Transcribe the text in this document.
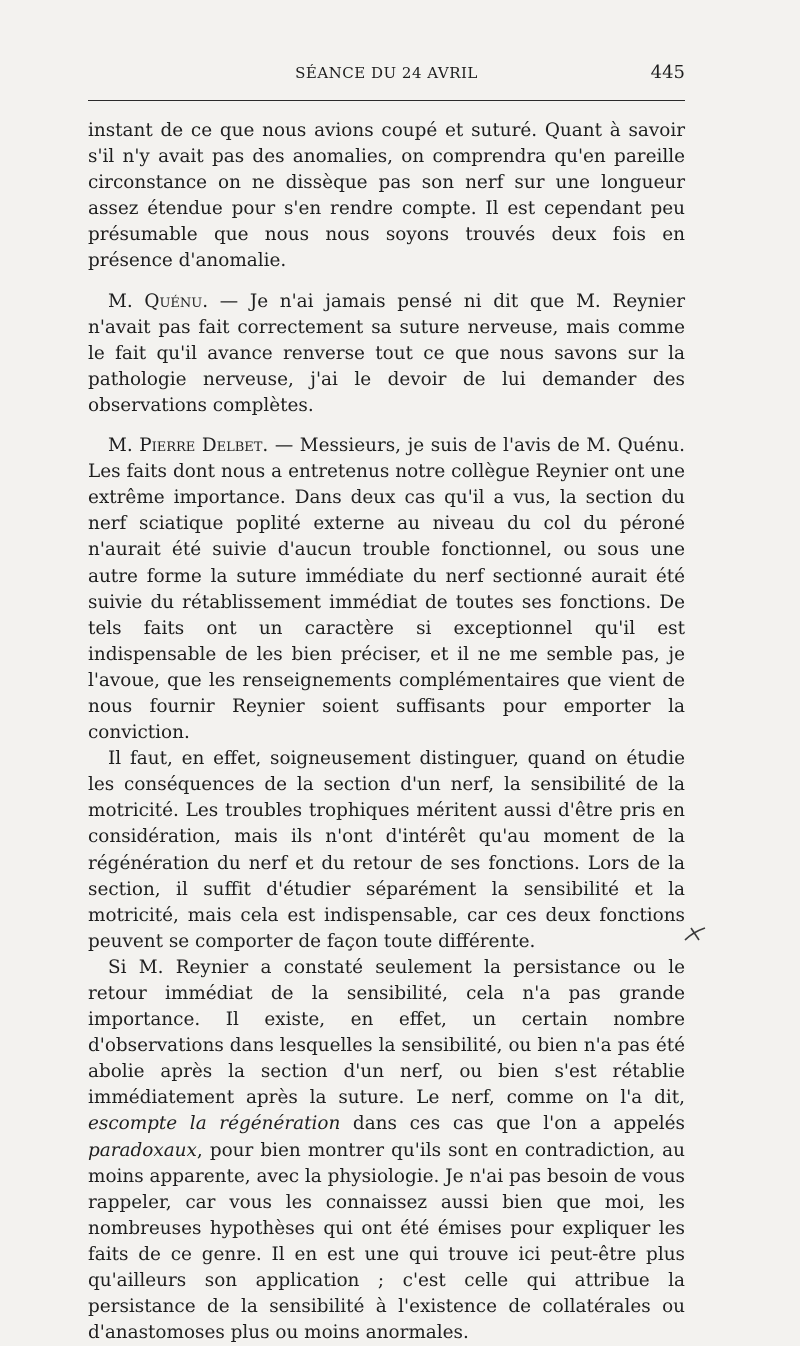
SÉANCE DU 24 AVRIL	445

instant de ce que nous avions coupé et suturé. Quant à savoir s'il n'y avait pas des anomalies, on comprendra qu'en pareille circonstance on ne dissèque pas son nerf sur une longueur assez étendue pour s'en rendre compte. Il est cependant peu présumable que nous nous soyons trouvés deux fois en présence d'anomalie.

M. Quénu. — Je n'ai jamais pensé ni dit que M. Reynier n'avait pas fait correctement sa suture nerveuse, mais comme le fait qu'il avance renverse tout ce que nous savons sur la pathologie nerveuse, j'ai le devoir de lui demander des observations complètes.

M. Pierre Delbet. — Messieurs, je suis de l'avis de M. Quénu. Les faits dont nous a entretenus notre collègue Reynier ont une extrême importance. Dans deux cas qu'il a vus, la section du nerf sciatique poplité externe au niveau du col du péroné n'aurait été suivie d'aucun trouble fonctionnel, ou sous une autre forme la suture immédiate du nerf sectionné aurait été suivie du rétablissement immédiat de toutes ses fonctions. De tels faits ont un caractère si exceptionnel qu'il est indispensable de les bien préciser, et il ne me semble pas, je l'avoue, que les renseignements complémentaires que vient de nous fournir Reynier soient suffisants pour emporter la conviction.

Il faut, en effet, soigneusement distinguer, quand on étudie les conséquences de la section d'un nerf, la sensibilité de la motricité. Les troubles trophiques méritent aussi d'être pris en considération, mais ils n'ont d'intérêt qu'au moment de la régénération du nerf et du retour de ses fonctions. Lors de la section, il suffit d'étudier séparément la sensibilité et la motricité, mais cela est indispensable, car ces deux fonctions peuvent se comporter de façon toute différente.

Si M. Reynier a constaté seulement la persistance ou le retour immédiat de la sensibilité, cela n'a pas grande importance. Il existe, en effet, un certain nombre d'observations dans lesquelles la sensibilité, ou bien n'a pas été abolie après la section d'un nerf, ou bien s'est rétablie immédiatement après la suture. Le nerf, comme on l'a dit, escompte la régénération dans ces cas que l'on a appelés paradoxaux, pour bien montrer qu'ils sont en contradiction, au moins apparente, avec la physiologie. Je n'ai pas besoin de vous rappeler, car vous les connaissez aussi bien que moi, les nombreuses hypothèses qui ont été émises pour expliquer les faits de ce genre. Il en est une qui trouve ici peut-être plus qu'ailleurs son application ; c'est celle qui attribue la persistance de la sensibilité à l'existence de collatérales ou d'anastomoses plus ou moins anormales.
